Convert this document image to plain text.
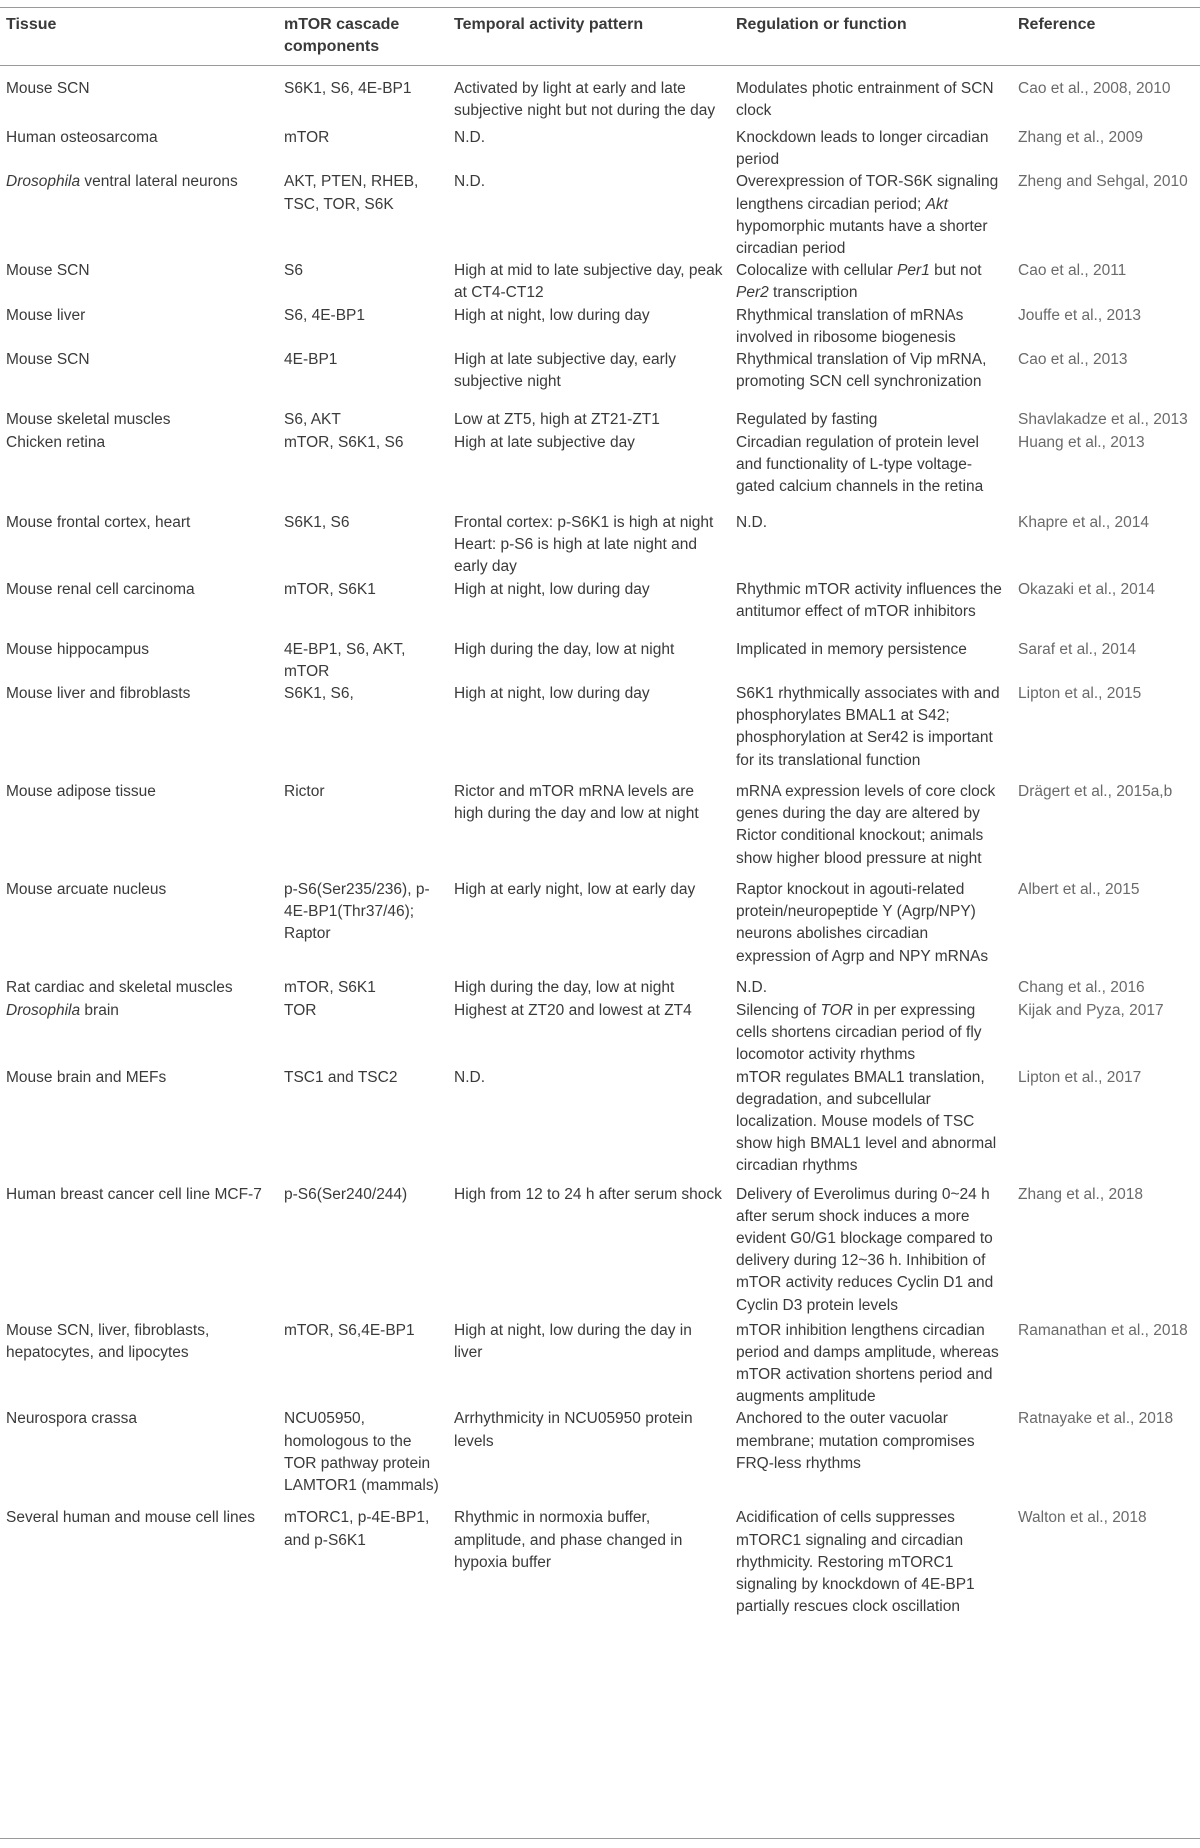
Tissue	mTOR cascade components	Temporal activity pattern	Regulation or function	Reference
Mouse SCN	S6K1, S6, 4E-BP1	Activated by light at early and late subjective night but not during the day	Modulates photic entrainment of SCN clock	Cao et al., 2008, 2010
Human osteosarcoma	mTOR	N.D.	Knockdown leads to longer circadian period	Zhang et al., 2009
Drosophila ventral lateral neurons	AKT, PTEN, RHEB, TSC, TOR, S6K	N.D.	Overexpression of TOR-S6K signaling lengthens circadian period; Akt hypomorphic mutants have a shorter circadian period	Zheng and Sehgal, 2010
Mouse SCN	S6	High at mid to late subjective day, peak at CT4-CT12	Colocalize with cellular Per1 but not Per2 transcription	Cao et al., 2011
Mouse liver	S6, 4E-BP1	High at night, low during day	Rhythmical translation of mRNAs involved in ribosome biogenesis	Jouffe et al., 2013
Mouse SCN	4E-BP1	High at late subjective day, early subjective night	Rhythmical translation of Vip mRNA, promoting SCN cell synchronization	Cao et al., 2013
Mouse skeletal muscles	S6, AKT	Low at ZT5, high at ZT21-ZT1	Regulated by fasting	Shavlakadze et al., 2013
Chicken retina	mTOR, S6K1, S6	High at late subjective day	Circadian regulation of protein level and functionality of L-type voltage-gated calcium channels in the retina	Huang et al., 2013
Mouse frontal cortex, heart	S6K1, S6	Frontal cortex: p-S6K1 is high at night Heart: p-S6 is high at late night and early day	N.D.	Khapre et al., 2014
Mouse renal cell carcinoma	mTOR, S6K1	High at night, low during day	Rhythmic mTOR activity influences the antitumor effect of mTOR inhibitors	Okazaki et al., 2014
Mouse hippocampus	4E-BP1, S6, AKT, mTOR	High during the day, low at night	Implicated in memory persistence	Saraf et al., 2014
Mouse liver and fibroblasts	S6K1, S6,	High at night, low during day	S6K1 rhythmically associates with and phosphorylates BMAL1 at S42; phosphorylation at Ser42 is important for its translational function	Lipton et al., 2015
Mouse adipose tissue	Rictor	Rictor and mTOR mRNA levels are high during the day and low at night	mRNA expression levels of core clock genes during the day are altered by Rictor conditional knockout; animals show higher blood pressure at night	Drägert et al., 2015a,b
Mouse arcuate nucleus	p-S6(Ser235/236), p-4E-BP1(Thr37/46); Raptor	High at early night, low at early day	Raptor knockout in agouti-related protein/neuropeptide Y (Agrp/NPY) neurons abolishes circadian expression of Agrp and NPY mRNAs	Albert et al., 2015
Rat cardiac and skeletal muscles	mTOR, S6K1	High during the day, low at night	N.D.	Chang et al., 2016
Drosophila brain	TOR	Highest at ZT20 and lowest at ZT4	Silencing of TOR in per expressing cells shortens circadian period of fly locomotor activity rhythms	Kijak and Pyza, 2017
Mouse brain and MEFs	TSC1 and TSC2	N.D.	mTOR regulates BMAL1 translation, degradation, and subcellular localization. Mouse models of TSC show high BMAL1 level and abnormal circadian rhythms	Lipton et al., 2017
Human breast cancer cell line MCF-7	p-S6(Ser240/244)	High from 12 to 24 h after serum shock	Delivery of Everolimus during 0~24 h after serum shock induces a more evident G0/G1 blockage compared to delivery during 12~36 h. Inhibition of mTOR activity reduces Cyclin D1 and Cyclin D3 protein levels	Zhang et al., 2018
Mouse SCN, liver, fibroblasts, hepatocytes, and lipocytes	mTOR, S6,4E-BP1	High at night, low during the day in liver	mTOR inhibition lengthens circadian period and damps amplitude, whereas mTOR activation shortens period and augments amplitude	Ramanathan et al., 2018
Neurospora crassa	NCU05950, homologous to the TOR pathway protein LAMTOR1 (mammals)	Arrhythmicity in NCU05950 protein levels	Anchored to the outer vacuolar membrane; mutation compromises FRQ-less rhythms	Ratnayake et al., 2018
Several human and mouse cell lines	mTORC1, p-4E-BP1, and p-S6K1	Rhythmic in normoxia buffer, amplitude, and phase changed in hypoxia buffer	Acidification of cells suppresses mTORC1 signaling and circadian rhythmicity. Restoring mTORC1 signaling by knockdown of 4E-BP1 partially rescues clock oscillation	Walton et al., 2018
